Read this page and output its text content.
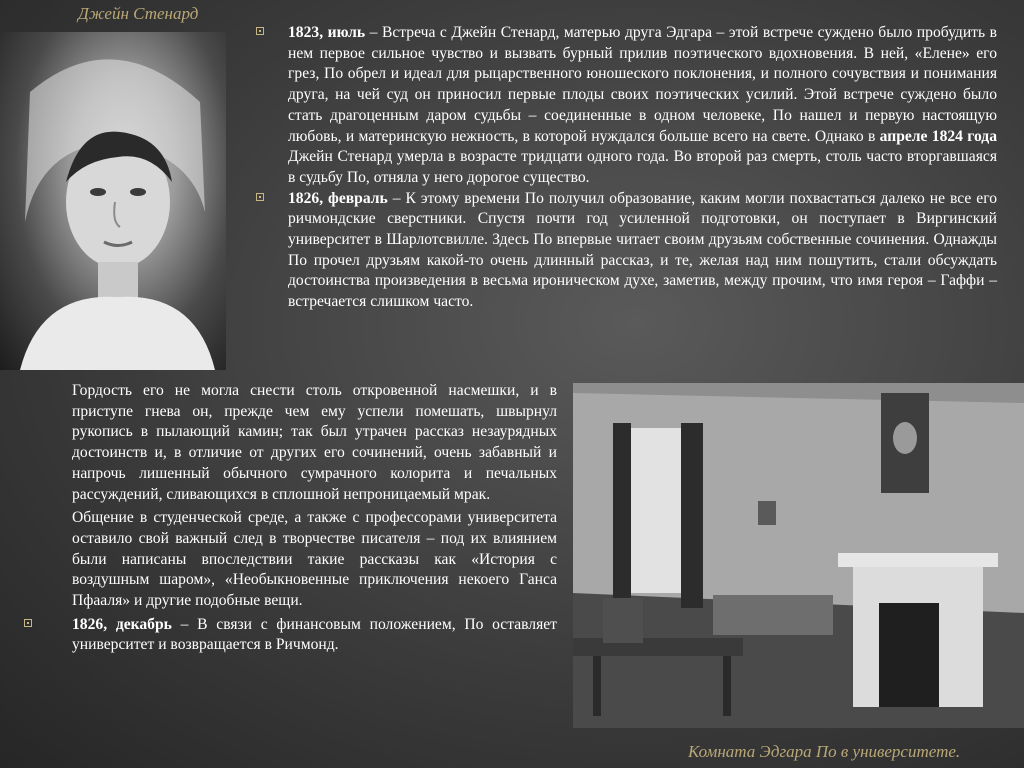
Джейн Стенард
1823, июль – Встреча с Джейн Стенард, матерью друга Эдгара – этой встрече суждено было пробудить в нем первое сильное чувство и вызвать бурный прилив поэтического вдохновения. В ней, «Елене» его грез, По обрел и идеал для рыцарственного юношеского поклонения, и полного сочувствия и понимания друга, на чей суд он приносил первые плоды своих поэтических усилий. Этой встрече суждено было стать драгоценным даром судьбы – соединенные в одном человеке, По нашел и первую настоящую любовь, и материнскую нежность, в которой нуждался больше всего на свете. Однако в апреле 1824 года Джейн Стенард умерла в возрасте тридцати одного года. Во второй раз смерть, столь часто вторгавшаяся в судьбу По, отняла у него дорогое существо.
1826, февраль – К этому времени По получил образование, каким могли похвастаться далеко не все его ричмондские сверстники. Спустя почти год усиленной подготовки, он поступает в Виргинский университет в Шарлотсвилле. Здесь По впервые читает своим друзьям собственные сочинения. Однажды По прочел друзьям какой-то очень длинный рассказ, и те, желая над ним пошутить, стали обсуждать достоинства произведения в весьма ироническом духе, заметив, между прочим, что имя героя – Гаффи – встречается слишком часто.
Гордость его не могла снести столь откровенной насмешки, и в приступе гнева он, прежде чем ему успели помешать, швырнул рукопись в пылающий камин; так был утрачен рассказ незаурядных достоинств и, в отличие от других его сочинений, очень забавный и напрочь лишенный обычного сумрачного колорита и печальных рассуждений, сливающихся в сплошной непроницаемый мрак.
Общение в студенческой среде, а также с профессорами университета оставило свой важный след в творчестве писателя – под их влиянием были написаны впоследствии такие рассказы как «История с воздушным шаром», «Необыкновенные приключения некоего Ганса Пфааля» и другие подобные вещи.
1826, декабрь – В связи с финансовым положением, По оставляет университет и возвращается в Ричмонд.
Комната Эдгара По в университете.
